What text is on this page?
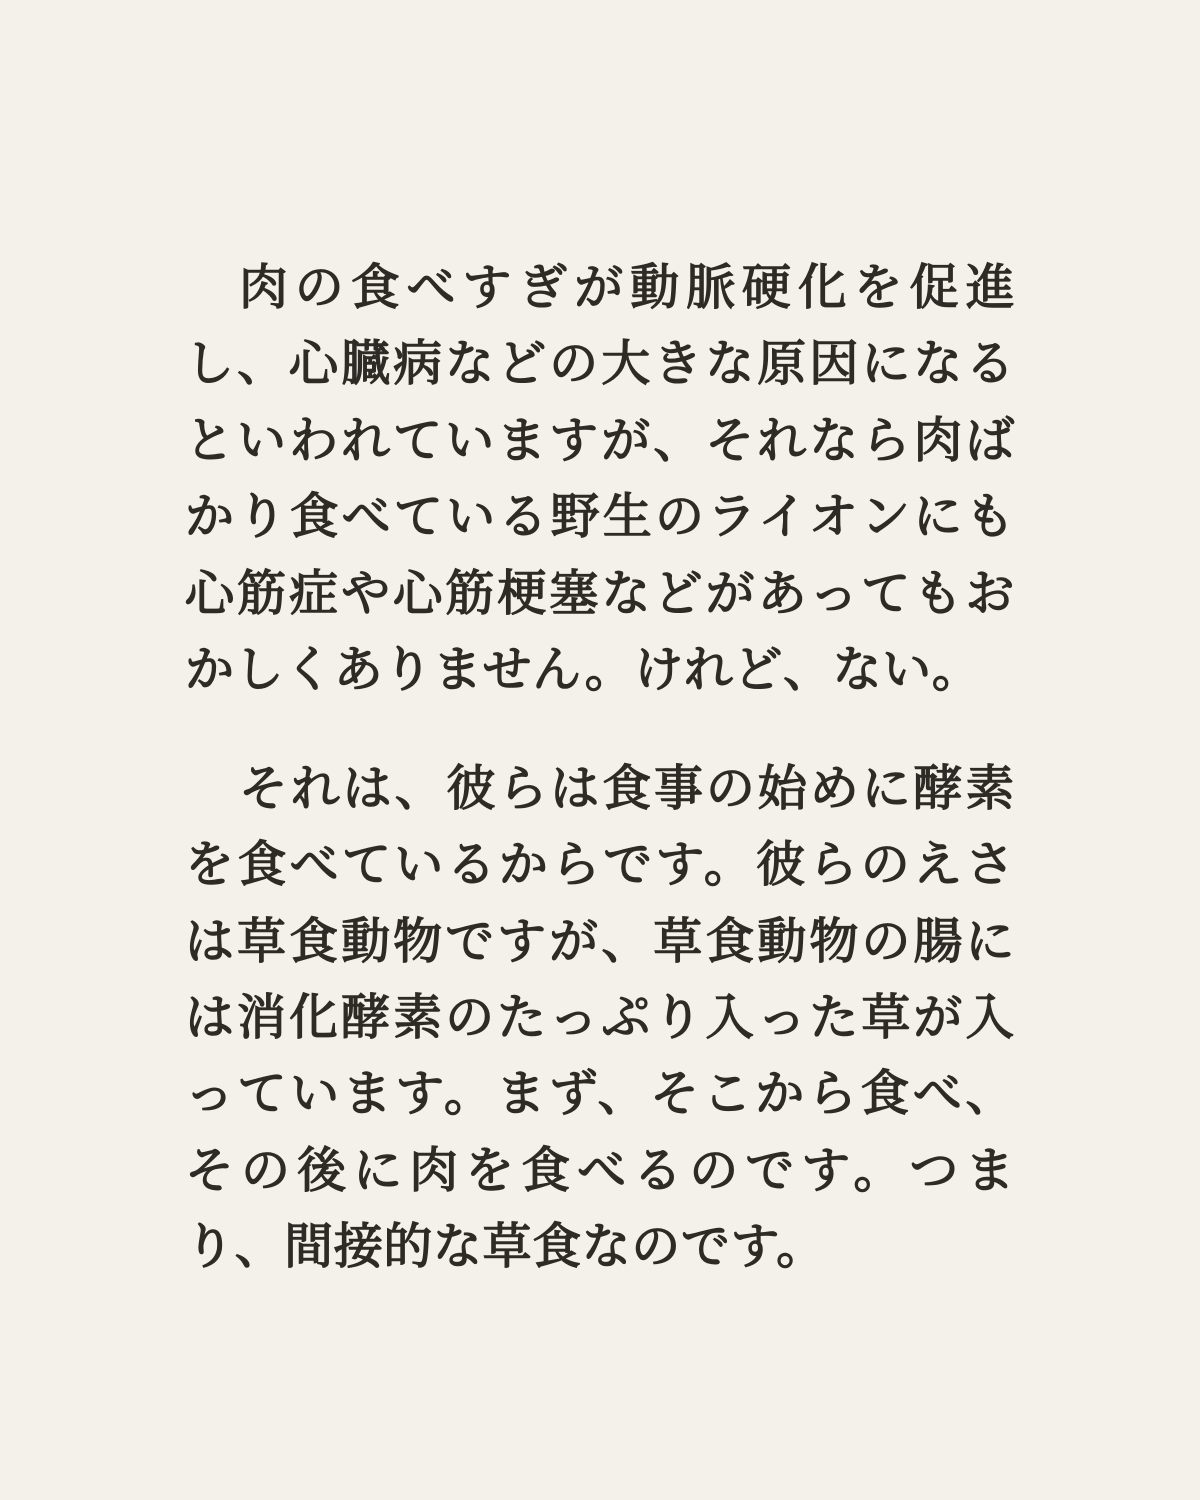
肉の食べすぎが動脈硬化を促進し、心臓病などの大きな原因になるといわれていますが、それなら肉ばかり食べている野生のライオンにも心筋症や心筋梗塞などがあってもおかしくありません。けれど、ない。

それは、彼らは食事の始めに酵素を食べているからです。彼らのえさは草食動物ですが、草食動物の腸には消化酵素のたっぷり入った草が入っています。まず、そこから食べ、その後に肉を食べるのです。つまり、間接的な草食なのです。
